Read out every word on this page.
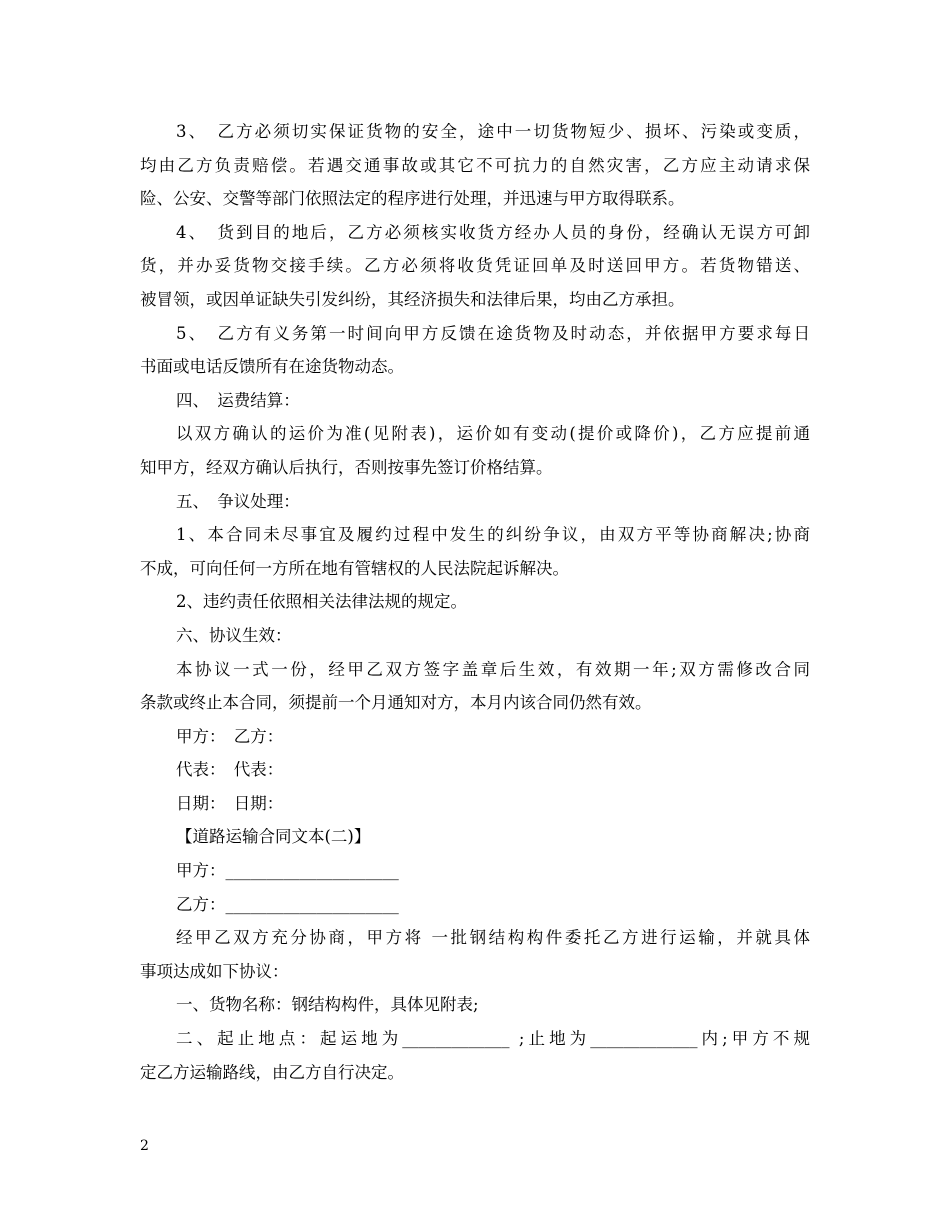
3、　乙方必须切实保证货物的安全，途中一切货物短少、损坏、污染或变质，
均由乙方负责赔偿。若遇交通事故或其它不可抗力的自然灾害，乙方应主动请求保
险、公安、交警等部门依照法定的程序进行处理，并迅速与甲方取得联系。
4、　货到目的地后，乙方必须核实收货方经办人员的身份，经确认无误方可卸
货，并办妥货物交接手续。乙方必须将收货凭证回单及时送回甲方。若货物错送、
被冒领，或因单证缺失引发纠纷，其经济损失和法律后果，均由乙方承担。
5、　乙方有义务第一时间向甲方反馈在途货物及时动态，并依据甲方要求每日
书面或电话反馈所有在途货物动态。
四、　运费结算：
以双方确认的运价为准(见附表)，运价如有变动(提价或降价)，乙方应提前通
知甲方，经双方确认后执行，否则按事先签订价格结算。
五、　争议处理：
1、本合同未尽事宜及履约过程中发生的纠纷争议，由双方平等协商解决;协商
不成，可向任何一方所在地有管辖权的人民法院起诉解决。
2、违约责任依照相关法律法规的规定。
六、协议生效：
本协议一式一份，经甲乙双方签字盖章后生效，有效期一年;双方需修改合同
条款或终止本合同，须提前一个月通知对方，本月内该合同仍然有效。
甲方：　乙方：
代表：　代表：
日期：　日期：
【道路运输合同文本(二)】
甲方：_____________________
乙方：_____________________
经甲乙双方充分协商，甲方将 一批钢结构构件委托乙方进行运输，并就具体
事项达成如下协议：
一、货物名称：钢结构构件，具体见附表;
二、起止地点：起运地为_____________ ;止地为_____________内;甲方不规
定乙方运输路线，由乙方自行决定。
2
